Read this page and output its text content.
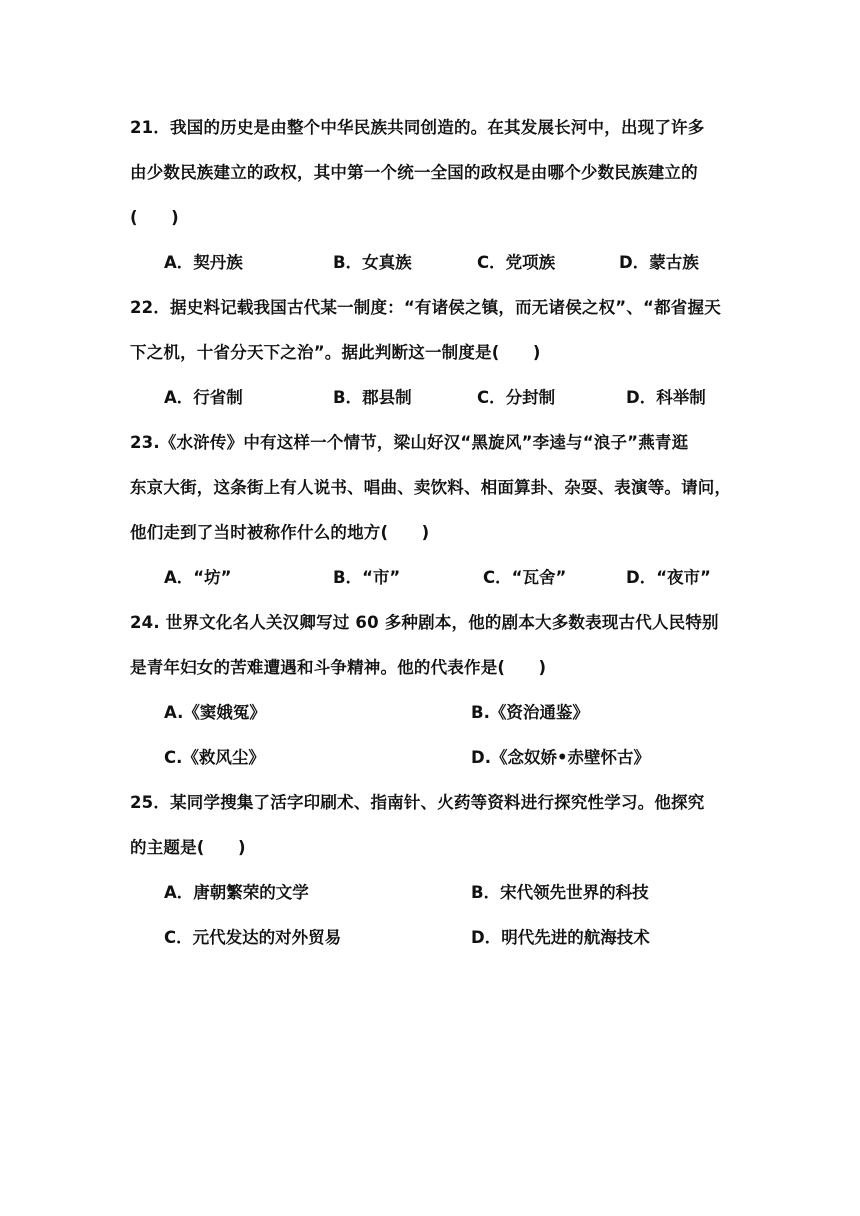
21．我国的历史是由整个中华民族共同创造的。在其发展长河中，出现了许多
由少数民族建立的政权，其中第一个统一全国的政权是由哪个少数民族建立的
(　　)
A．契丹族	B．女真族	C．党项族	D．蒙古族
22．据史料记载我国古代某一制度：“有诸侯之镇，而无诸侯之权”、“都省握天
下之机，十省分天下之治”。据此判断这一制度是(　　)
A．行省制	B．郡县制	C．分封制	D．科举制
23.《水浒传》中有这样一个情节，梁山好汉“黑旋风”李逵与“浪子”燕青逛
东京大街，这条街上有人说书、唱曲、卖饮料、相面算卦、杂耍、表演等。请问，
他们走到了当时被称作什么的地方(　　)
A．“坊”	B．“市”	C．“瓦舍”	D．“夜市”
24. 世界文化名人关汉卿写过 60 多种剧本，他的剧本大多数表现古代人民特别
是青年妇女的苦难遭遇和斗争精神。他的代表作是(　　)
A.《窦娥冤》	B.《资治通鉴》
C.《救风尘》	D.《念奴娇•赤壁怀古》
25．某同学搜集了活字印刷术、指南针、火药等资料进行探究性学习。他探究
的主题是(　　)
A．唐朝繁荣的文学	B．宋代领先世界的科技
C．元代发达的对外贸易	D．明代先进的航海技术
